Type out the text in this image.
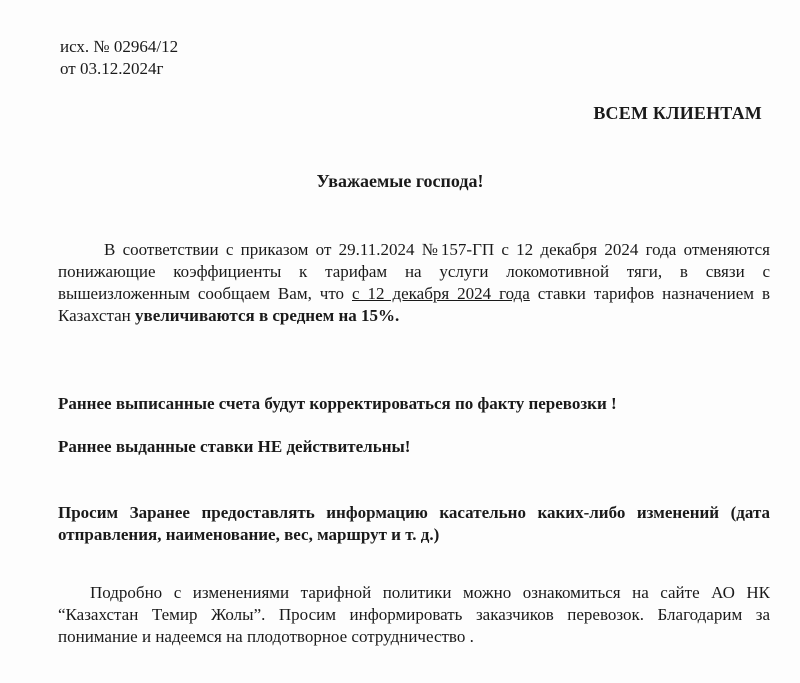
исх. № 02964/12
от 03.12.2024г
ВСЕМ КЛИЕНТАМ
Уважаемые господа!
В соответствии с приказом от 29.11.2024 №157-ГП с 12 декабря 2024 года отменяются понижающие коэффициенты к тарифам на услуги локомотивной тяги, в связи с вышеизложенным сообщаем Вам, что с 12 декабря 2024 года ставки тарифов назначением в Казахстан увеличиваются в среднем на 15%.
Раннее выписанные счета будут корректироваться по факту перевозки !
Раннее выданные ставки НЕ действительны!
Просим Заранее предоставлять информацию касательно каких-либо изменений (дата отправления, наименование, вес, маршрут и т. д.)
Подробно с изменениями тарифной политики можно ознакомиться на сайте АО НК “Казахстан Темир Жолы”. Просим информировать заказчиков перевозок. Благодарим за понимание и надеемся на плодотворное сотрудничество .
